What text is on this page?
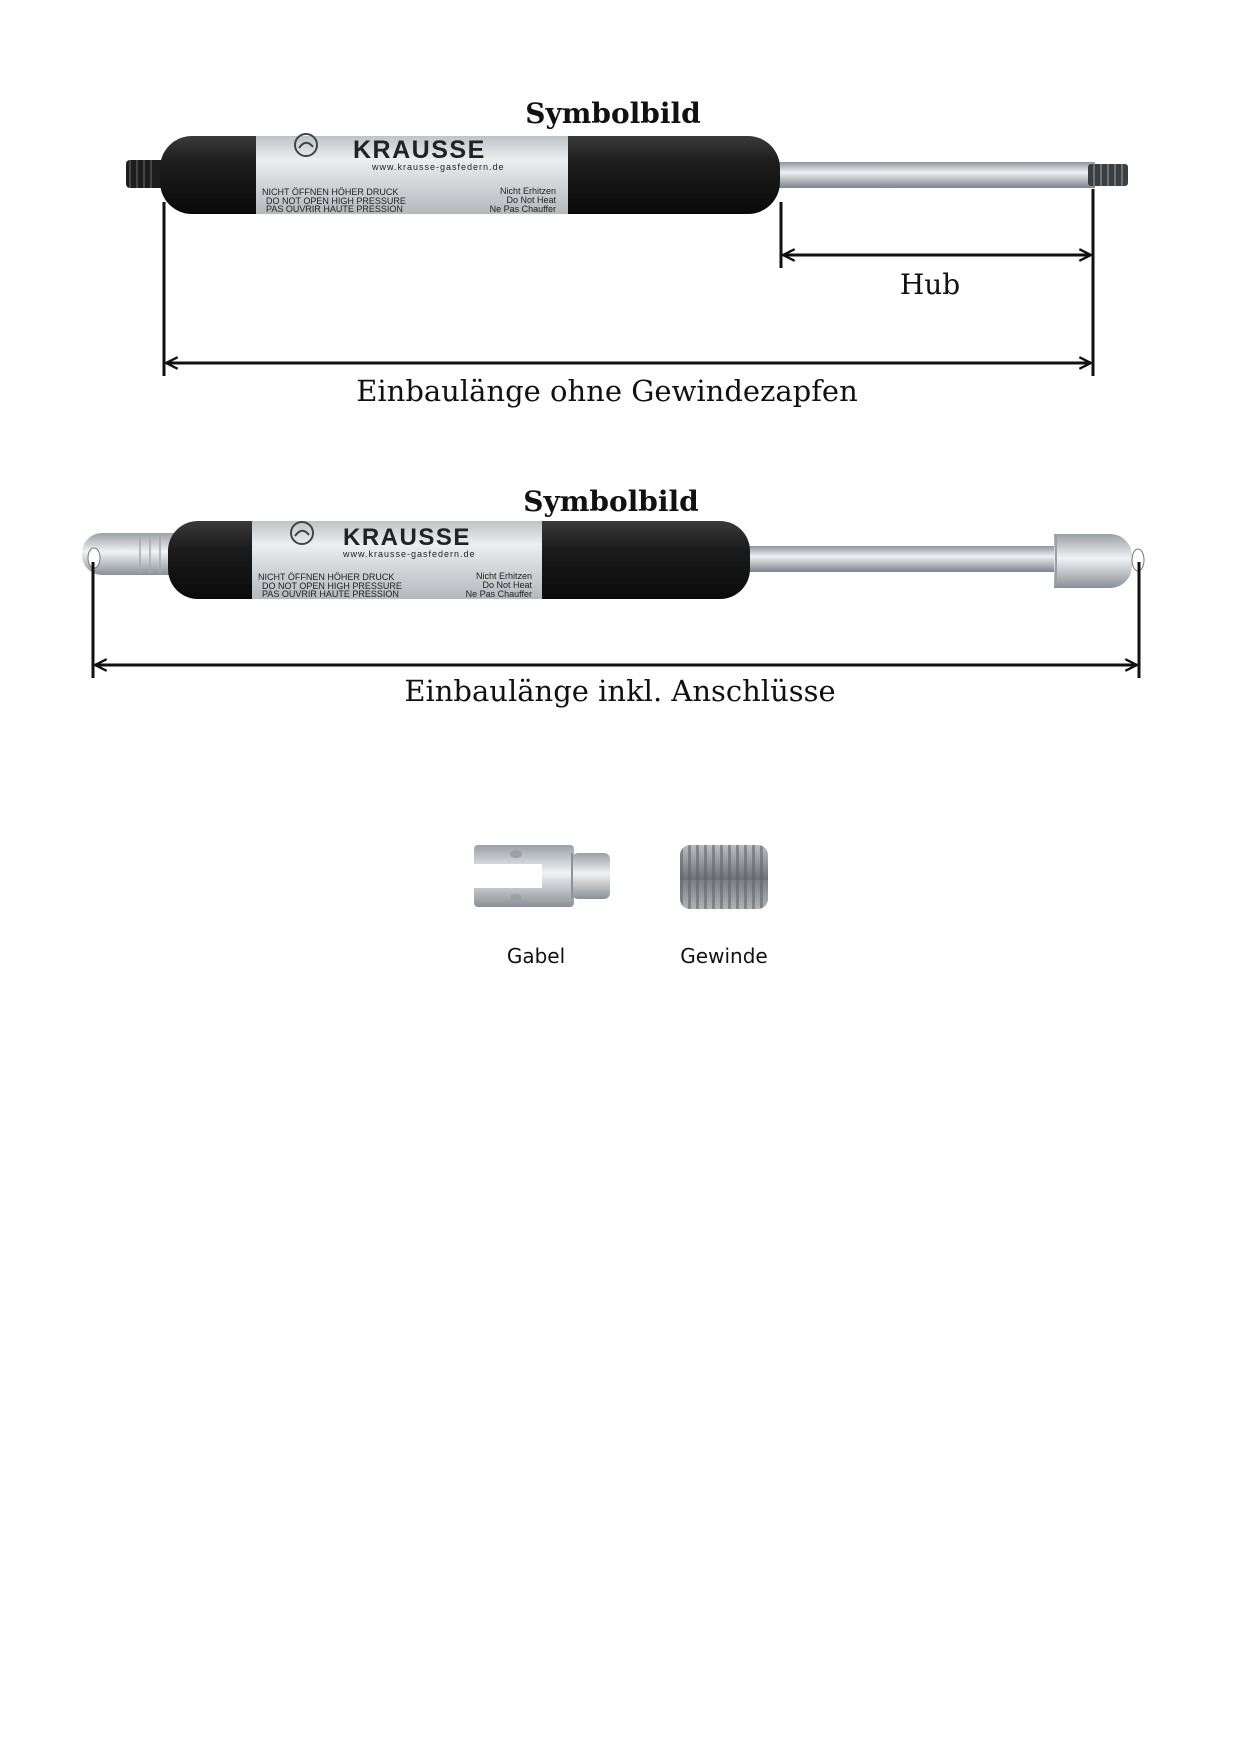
Symbolbild
KRAUSSE
www.krausse-gasfedern.de
NICHT ÖFFNEN HÖHER DRUCK
DO NOT OPEN HIGH PRESSURE
PAS OUVRIR HAUTE PRESSION
Nicht Erhitzen
Do Not Heat
Ne Pas Chauffer
Hub
Einbaulänge ohne Gewindezapfen
Symbolbild
KRAUSSE
www.krausse-gasfedern.de
NICHT ÖFFNEN HÖHER DRUCK
DO NOT OPEN HIGH PRESSURE
PAS OUVRIR HAUTE PRESSION
Nicht Erhitzen
Do Not Heat
Ne Pas Chauffer
Einbaulänge inkl. Anschlüsse
Gabel	Gewinde
